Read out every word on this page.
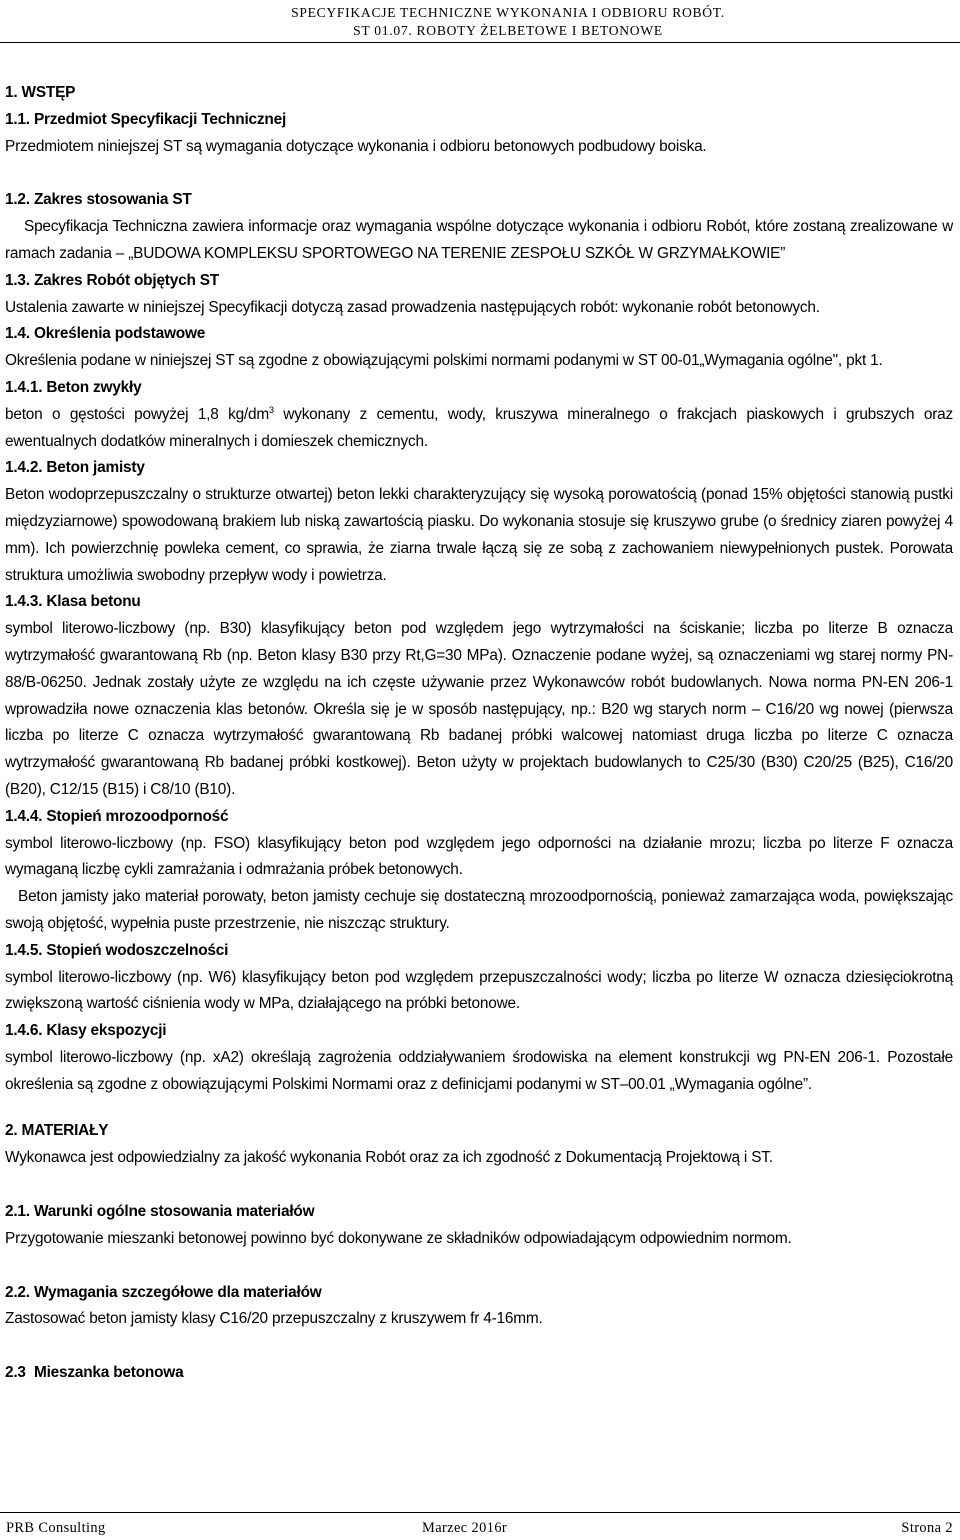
SPECYFIKACJE TECHNICZNE WYKONANIA I ODBIORU ROBÓT.
ST 01.07. ROBOTY ŻELBETOWE I BETONOWE

1. WSTĘP

1.1. Przedmiot Specyfikacji Technicznej

Przedmiotem niniejszej ST są wymagania dotyczące wykonania i odbioru betonowych podbudowy boiska.

1.2. Zakres stosowania ST

Specyfikacja Techniczna zawiera informacje oraz wymagania wspólne dotyczące wykonania i odbioru Robót, które zostaną zrealizowane w ramach zadania – „BUDOWA KOMPLEKSU SPORTOWEGO NA TERENIE ZESPOŁU SZKÓŁ W GRZYMAŁKOWIE”

1.3. Zakres Robót objętych ST

Ustalenia zawarte w niniejszej Specyfikacji dotyczą zasad prowadzenia następujących robót: wykonanie robót betonowych.

1.4. Określenia podstawowe

Określenia podane w niniejszej ST są zgodne z obowiązującymi polskimi normami podanymi w ST 00-01„Wymagania ogólne", pkt 1.

1.4.1. Beton zwykły

beton o gęstości powyżej 1,8 $kg/dm^3$ wykonany z cementu, wody, kruszywa mineralnego o frakcjach piaskowych i grubszych oraz ewentualnych dodatków mineralnych i domieszek chemicznych.

1.4.2. Beton jamisty

Beton wodoprzepuszczalny o strukturze otwartej) beton lekki charakteryzujący się wysoką porowatością (ponad 15% objętości stanowią pustki międzyziarnowe) spowodowaną brakiem lub niską zawartością piasku. Do wykonania stosuje się kruszywo grube (o średnicy ziaren powyżej 4 mm). Ich powierzchnię powleka cement, co sprawia, że ziarna trwale łączą się ze sobą z zachowaniem niewypełnionych pustek. Porowata struktura umożliwia swobodny przepływ wody i powietrza.

1.4.3. Klasa betonu

symbol literowo-liczbowy (np. B30) klasyfikujący beton pod względem jego wytrzymałości na ściskanie; liczba po literze B oznacza wytrzymałość gwarantowaną Rb (np. Beton klasy B30 przy Rt,G=30 MPa). Oznaczenie podane wyżej, są oznaczeniami wg starej normy PN-88/B-06250. Jednak zostały użyte ze względu na ich częste używanie przez Wykonawców robót budowlanych. Nowa norma PN-EN 206-1 wprowadziła nowe oznaczenia klas betonów. Określa się je w sposób następujący, np.: B20 wg starych norm – C16/20 wg nowej (pierwsza liczba po literze C oznacza wytrzymałość gwarantowaną Rb badanej próbki walcowej natomiast druga liczba po literze C oznacza wytrzymałość gwarantowaną Rb badanej próbki kostkowej). Beton użyty w projektach budowlanych to C25/30 (B30) C20/25 (B25), C16/20 (B20), C12/15 (B15) i C8/10 (B10).

1.4.4. Stopień mrozoodporność

symbol literowo-liczbowy (np. FSO) klasyfikujący beton pod względem jego odporności na działanie mrozu; liczba po literze F oznacza wymaganą liczbę cykli zamrażania i odmrażania próbek betonowych.

Beton jamisty jako materiał porowaty, beton jamisty cechuje się dostateczną mrozoodpornością, ponieważ zamarzająca woda, powiększając swoją objętość, wypełnia puste przestrzenie, nie niszcząc struktury.

1.4.5. Stopień wodoszczelności

symbol literowo-liczbowy (np. W6) klasyfikujący beton pod względem przepuszczalności wody; liczba po literze W oznacza dziesięciokrotną zwiększoną wartość ciśnienia wody w MPa, działającego na próbki betonowe.

1.4.6. Klasy ekspozycji

symbol literowo-liczbowy (np. xA2) określają zagrożenia oddziaływaniem środowiska na element konstrukcji wg PN-EN 206-1. Pozostałe określenia są zgodne z obowiązującymi Polskimi Normami oraz z definicjami podanymi w ST–00.01 „Wymagania ogólne”.

2. MATERIAŁY

Wykonawca jest odpowiedzialny za jakość wykonania Robót oraz za ich zgodność z Dokumentacją Projektową i ST.

2.1. Warunki ogólne stosowania materiałów

Przygotowanie mieszanki betonowej powinno być dokonywane ze składników odpowiadającym odpowiednim normom.

2.2. Wymagania szczegółowe dla materiałów

Zastosować beton jamisty klasy C16/20 przepuszczalny z kruszywem fr 4-16mm.

2.3  Mieszanka betonowa

PRB Consulting	Marzec 2016r	Strona 2
